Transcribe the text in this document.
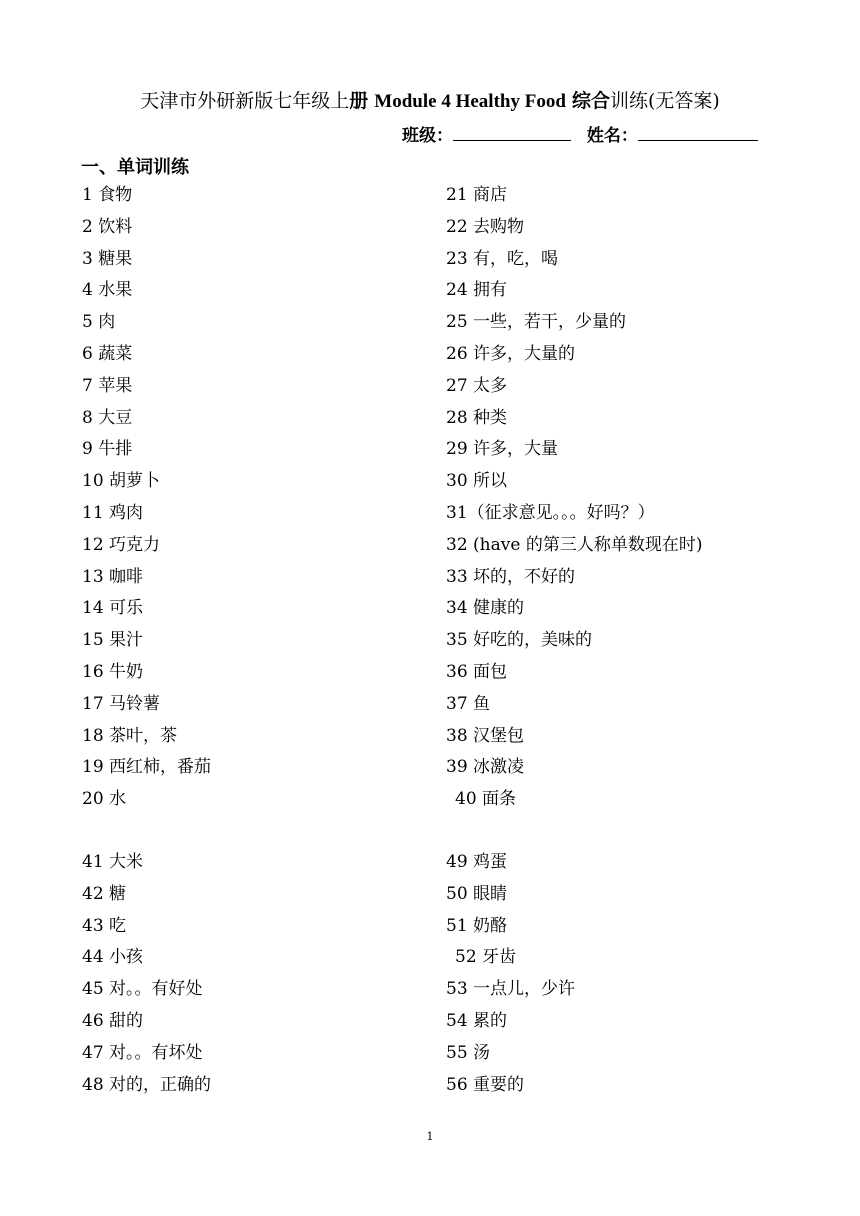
天津市外研新版七年级上册 Module 4 Healthy Food 综合训练(无答案)
班级：	姓名：
一、单词训练
1 食物
2 饮料
3 糖果
4 水果
5 肉
6 蔬菜
7 苹果
8 大豆
9 牛排
10 胡萝卜
11 鸡肉
12 巧克力
13 咖啡
14 可乐
15 果汁
16 牛奶
17 马铃薯
18 茶叶，茶
19 西红柿，番茄
20 水
21 商店
22 去购物
23 有，吃，喝
24 拥有
25 一些，若干，少量的
26 许多，大量的
27 太多
28 种类
29 许多，大量
30 所以
31（征求意见。。。好吗？）
32 (have 的第三人称单数现在时)
33 坏的，不好的
34 健康的
35 好吃的，美味的
36 面包
37 鱼
38 汉堡包
39 冰激凌
40 面条
41 大米
42 糖
43 吃
44 小孩
45 对。。有好处
46 甜的
47 对。。有坏处
48 对的，正确的
49 鸡蛋
50 眼睛
51 奶酪
52 牙齿
53 一点儿，少许
54 累的
55 汤
56 重要的
1
